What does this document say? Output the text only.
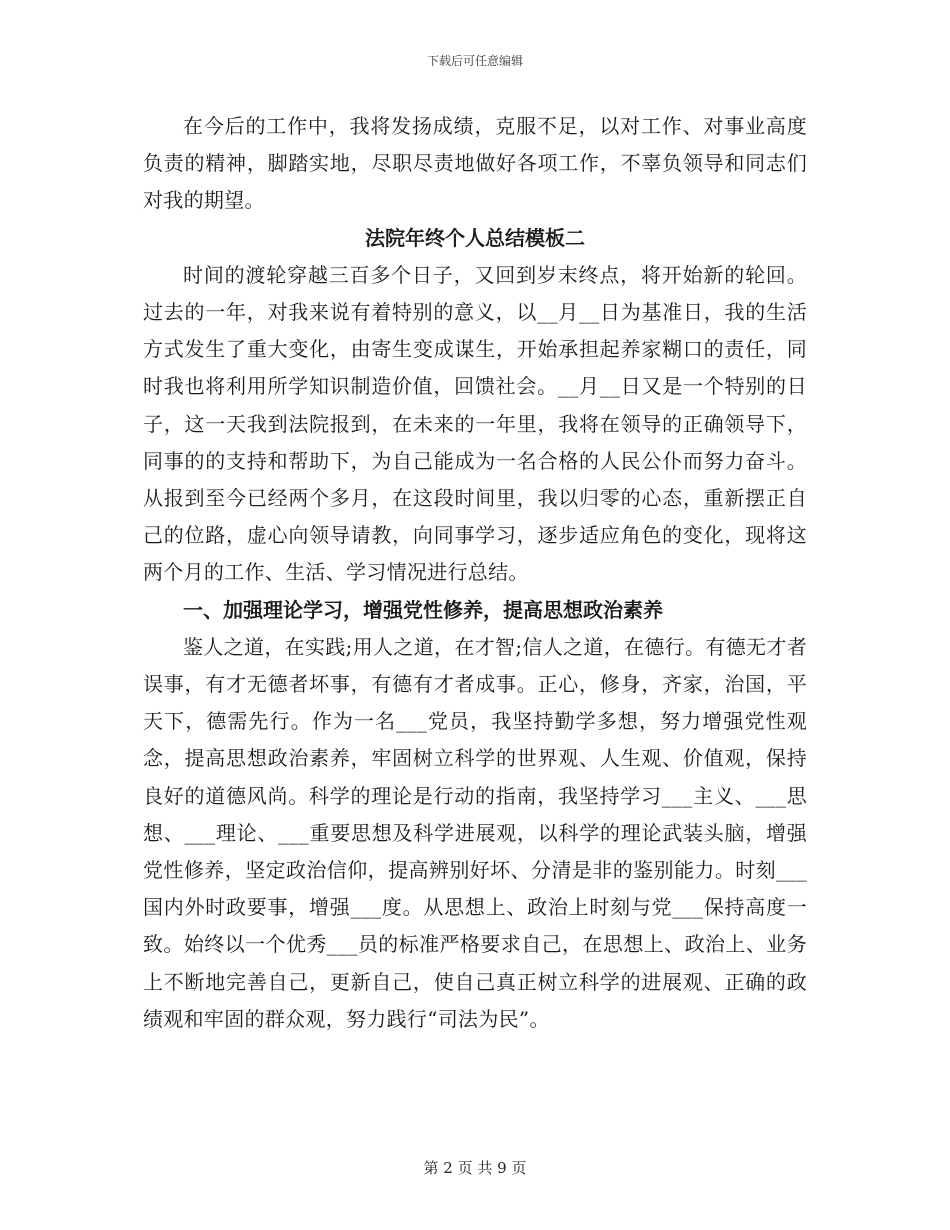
下载后可任意编辑

在今后的工作中，我将发扬成绩，克服不足，以对工作、对事业高度负责的精神，脚踏实地，尽职尽责地做好各项工作，不辜负领导和同志们对我的期望。

法院年终个人总结模板二

时间的渡轮穿越三百多个日子，又回到岁末终点，将开始新的轮回。过去的一年，对我来说有着特别的意义，以__月__日为基准日，我的生活方式发生了重大变化，由寄生变成谋生，开始承担起养家糊口的责任，同时我也将利用所学知识制造价值，回馈社会。__月__日又是一个特别的日子，这一天我到法院报到，在未来的一年里，我将在领导的正确领导下，同事的的支持和帮助下，为自己能成为一名合格的人民公仆而努力奋斗。从报到至今已经两个多月，在这段时间里，我以归零的心态，重新摆正自己的位路，虚心向领导请教，向同事学习，逐步适应角色的变化，现将这两个月的工作、生活、学习情况进行总结。

一、加强理论学习，增强党性修养，提高思想政治素养

鉴人之道，在实践;用人之道，在才智;信人之道，在德行。有德无才者误事，有才无德者坏事，有德有才者成事。正心，修身，齐家，治国，平天下，德需先行。作为一名___党员，我坚持勤学多想，努力增强党性观念，提高思想政治素养，牢固树立科学的世界观、人生观、价值观，保持良好的道德风尚。科学的理论是行动的指南，我坚持学习___主义、___思想、___理论、___重要思想及科学进展观，以科学的理论武装头脑，增强党性修养，坚定政治信仰，提高辨别好坏、分清是非的鉴别能力。时刻___国内外时政要事，增强___度。从思想上、政治上时刻与党___保持高度一致。始终以一个优秀___员的标准严格要求自己，在思想上、政治上、业务上不断地完善自己，更新自己，使自己真正树立科学的进展观、正确的政绩观和牢固的群众观，努力践行“司法为民”。

第 2 页 共 9 页
